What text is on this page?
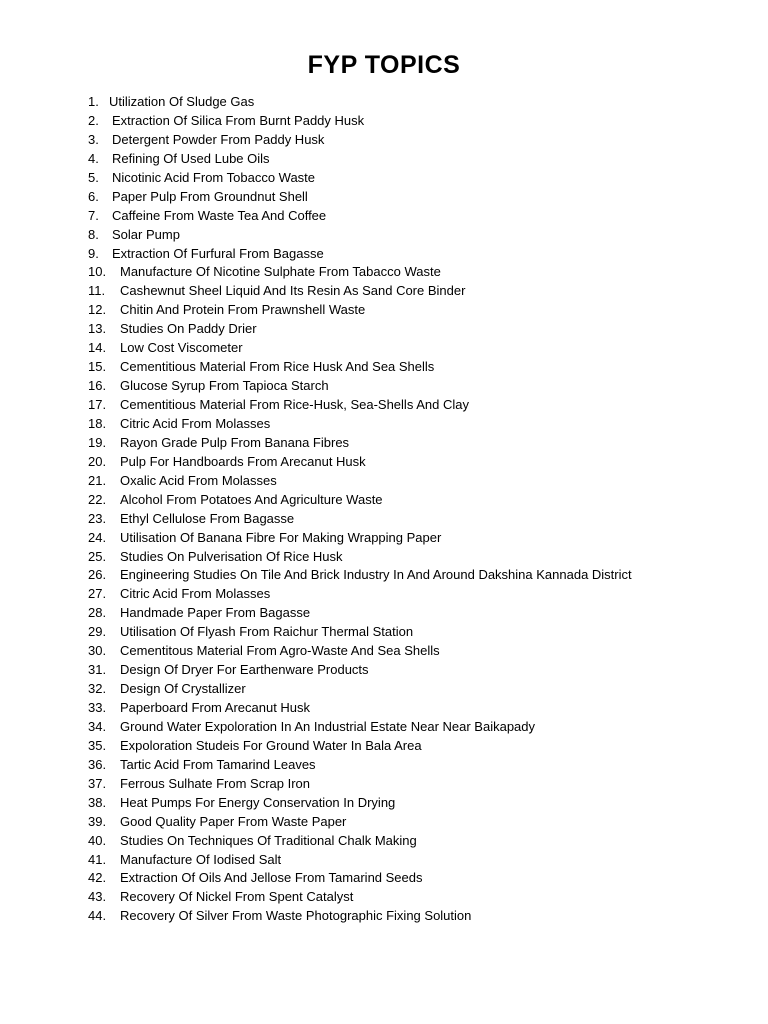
FYP TOPICS
1. Utilization Of Sludge Gas
2.	Extraction Of Silica From Burnt Paddy Husk
3.	Detergent Powder From Paddy Husk
4.	Refining Of Used Lube Oils
5.	Nicotinic Acid From Tobacco Waste
6.	Paper Pulp From Groundnut Shell
7.	Caffeine From Waste Tea And Coffee
8.	Solar Pump
9.	Extraction Of Furfural From Bagasse
10.	Manufacture Of Nicotine Sulphate From Tabacco Waste
11.	Cashewnut Sheel Liquid And Its Resin As Sand Core Binder
12.	Chitin And Protein From Prawnshell Waste
13.	Studies On Paddy Drier
14.	Low Cost Viscometer
15.	Cementitious Material From Rice Husk And Sea Shells
16.	Glucose Syrup From Tapioca Starch
17.	Cementitious Material From Rice-Husk, Sea-Shells And Clay
18.	Citric Acid From Molasses
19.	Rayon Grade Pulp From Banana Fibres
20.	Pulp For Handboards From Arecanut Husk
21.	Oxalic Acid From Molasses
22.	Alcohol From Potatoes And Agriculture Waste
23.	Ethyl Cellulose From Bagasse
24.	Utilisation Of Banana Fibre For Making Wrapping Paper
25.	Studies On Pulverisation Of Rice Husk
26.	Engineering Studies On Tile And Brick Industry In And Around Dakshina Kannada District
27.	Citric Acid From Molasses
28.	Handmade Paper From Bagasse
29.	Utilisation Of Flyash From Raichur Thermal Station
30.	Cementitous Material From Agro-Waste And Sea Shells
31.	Design Of Dryer For Earthenware Products
32.	Design Of Crystallizer
33.	Paperboard From Arecanut Husk
34.	Ground Water Expoloration In An Industrial Estate Near Near Baikapady
35.	Expoloration Studeis For Ground Water In Bala Area
36.	Tartic Acid From Tamarind Leaves
37.	Ferrous Sulhate From Scrap Iron
38.	Heat Pumps For Energy Conservation In Drying
39.	Good Quality Paper From Waste Paper
40.	Studies On Techniques Of Traditional Chalk Making
41.	Manufacture Of Iodised Salt
42.	Extraction Of Oils And Jellose From Tamarind Seeds
43.	Recovery Of Nickel From Spent Catalyst
44.	Recovery Of Silver From Waste Photographic Fixing Solution
